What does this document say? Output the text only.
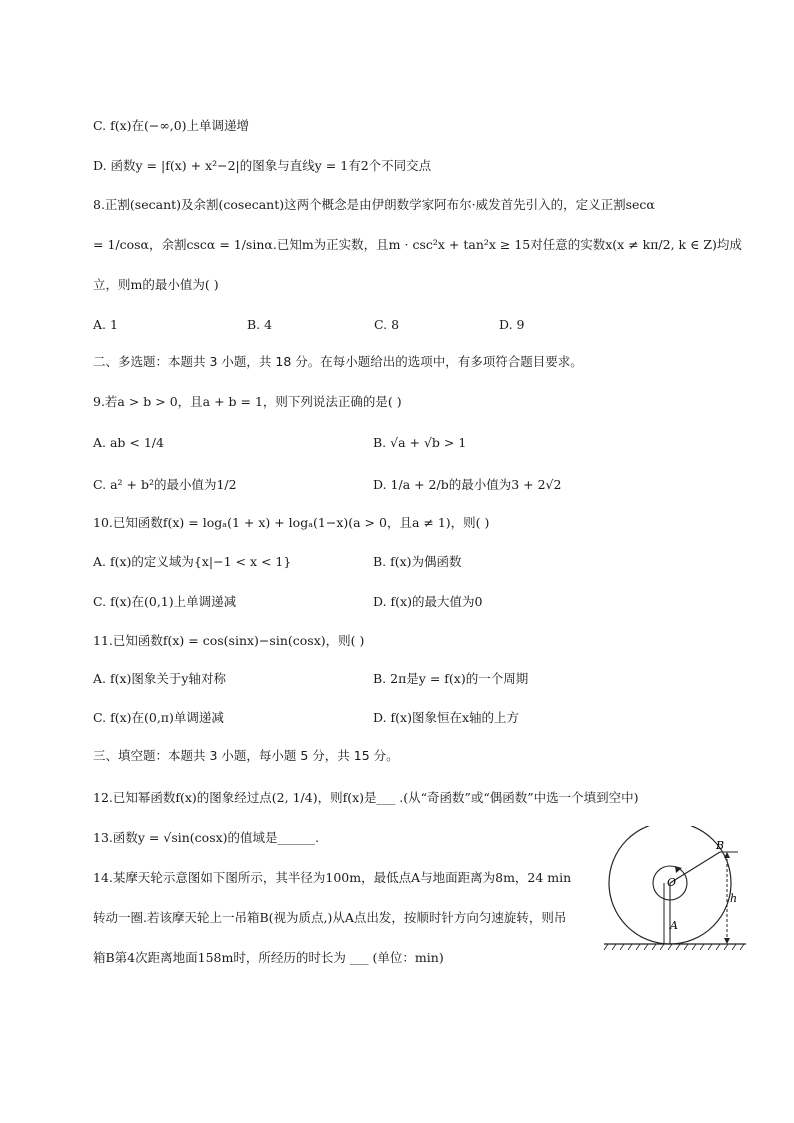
C. f(x)在(−∞,0)上单调递增
D. 函数y = |f(x) + x²−2|的图象与直线y = 1有2个不同交点
8.正割(secant)及余割(cosecant)这两个概念是由伊朗数学家阿布尔·威发首先引入的，定义正割secα
= 1/cosα，余割cscα = 1/sinα.已知m为正实数，且m · csc²x + tan²x ≥ 15对任意的实数x(x ≠ kπ/2, k ∈ Z)均成
立，则m的最小值为( )
A. 1	B. 4	C. 8	D. 9
二、多选题：本题共 3 小题，共 18 分。在每小题给出的选项中，有多项符合题目要求。
9.若a > b > 0，且a + b = 1，则下列说法正确的是( )
A. ab < 1/4	B. √a + √b > 1
C. a² + b²的最小值为1/2	D. 1/a + 2/b的最小值为3 + 2√2
10.已知函数f(x) = logₐ(1 + x) + logₐ(1−x)(a > 0，且a ≠ 1)，则( )
A. f(x)的定义域为{x|−1 < x < 1}	B. f(x)为偶函数
C. f(x)在(0,1)上单调递减	D. f(x)的最大值为0
11.已知函数f(x) = cos(sinx)−sin(cosx)，则( )
A. f(x)图象关于y轴对称	B. 2π是y = f(x)的一个周期
C. f(x)在(0,π)单调递减	D. f(x)图象恒在x轴的上方
三、填空题：本题共 3 小题，每小题 5 分，共 15 分。
12.已知幂函数f(x)的图象经过点(2, 1/4)，则f(x)是___ .(从“奇函数”或“偶函数”中选一个填到空中)
13.函数y = √sin(cosx)的值域是______.
14.某摩天轮示意图如下图所示，其半径为100m，最低点A与地面距离为8m，24 min转动一圈.若该摩天轮上一吊箱B(视为质点,)从A点出发，按顺时针方向匀速旋转，则吊箱B第4次距离地面158m时，所经历的时长为 ___ (单位：min)
B
O
A
h
